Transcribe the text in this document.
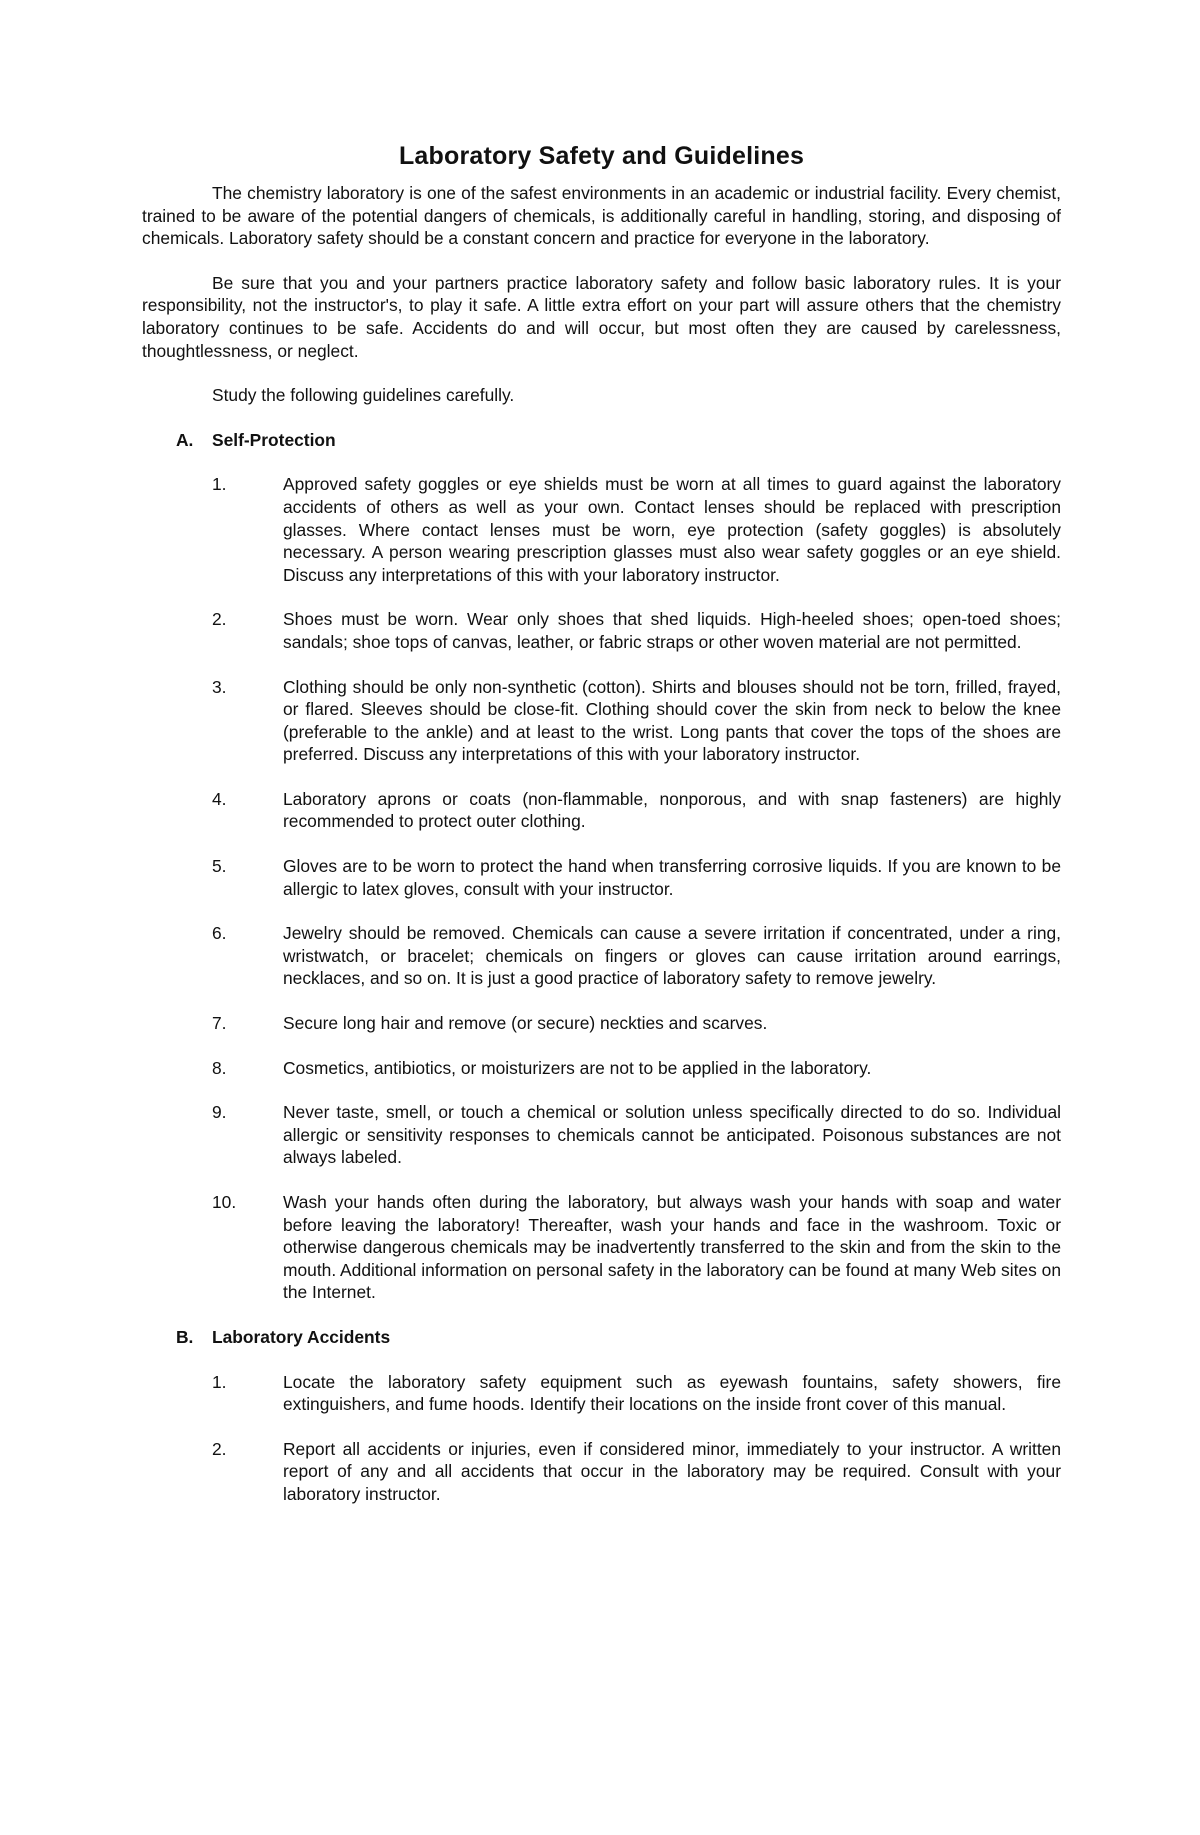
Laboratory Safety and Guidelines

The chemistry laboratory is one of the safest environments in an academic or industrial facility. Every chemist, trained to be aware of the potential dangers of chemicals, is additionally careful in handling, storing, and disposing of chemicals. Laboratory safety should be a constant concern and practice for everyone in the laboratory.

Be sure that you and your partners practice laboratory safety and follow basic laboratory rules. It is your responsibility, not the instructor's, to play it safe. A little extra effort on your part will assure others that the chemistry laboratory continues to be safe. Accidents do and will occur, but most often they are caused by carelessness, thoughtlessness, or neglect.

Study the following guidelines carefully.

A.	Self-Protection
1.	Approved safety goggles or eye shields must be worn at all times to guard against the laboratory accidents of others as well as your own. Contact lenses should be replaced with prescription glasses. Where contact lenses must be worn, eye protection (safety goggles) is absolutely necessary. A person wearing prescription glasses must also wear safety goggles or an eye shield. Discuss any interpretations of this with your laboratory instructor.
2.	Shoes must be worn. Wear only shoes that shed liquids. High-heeled shoes; open-toed shoes; sandals; shoe tops of canvas, leather, or fabric straps or other woven material are not permitted.
3.	Clothing should be only non-synthetic (cotton). Shirts and blouses should not be torn, frilled, frayed, or flared. Sleeves should be close-fit. Clothing should cover the skin from neck to below the knee (preferable to the ankle) and at least to the wrist. Long pants that cover the tops of the shoes are preferred. Discuss any interpretations of this with your laboratory instructor.
4.	Laboratory aprons or coats (non-flammable, nonporous, and with snap fasteners) are highly recommended to protect outer clothing.
5.	Gloves are to be worn to protect the hand when transferring corrosive liquids. If you are known to be allergic to latex gloves, consult with your instructor.
6.	Jewelry should be removed. Chemicals can cause a severe irritation if concentrated, under a ring, wristwatch, or bracelet; chemicals on fingers or gloves can cause irritation around earrings, necklaces, and so on. It is just a good practice of laboratory safety to remove jewelry.
7.	Secure long hair and remove (or secure) neckties and scarves.
8.	Cosmetics, antibiotics, or moisturizers are not to be applied in the laboratory.
9.	Never taste, smell, or touch a chemical or solution unless specifically directed to do so. Individual allergic or sensitivity responses to chemicals cannot be anticipated. Poisonous substances are not always labeled.
10.	Wash your hands often during the laboratory, but always wash your hands with soap and water before leaving the laboratory! Thereafter, wash your hands and face in the washroom. Toxic or otherwise dangerous chemicals may be inadvertently transferred to the skin and from the skin to the mouth. Additional information on personal safety in the laboratory can be found at many Web sites on the Internet.
B.	Laboratory Accidents
1.	Locate the laboratory safety equipment such as eyewash fountains, safety showers, fire extinguishers, and fume hoods. Identify their locations on the inside front cover of this manual.
2.	Report all accidents or injuries, even if considered minor, immediately to your instructor. A written report of any and all accidents that occur in the laboratory may be required. Consult with your laboratory instructor.
